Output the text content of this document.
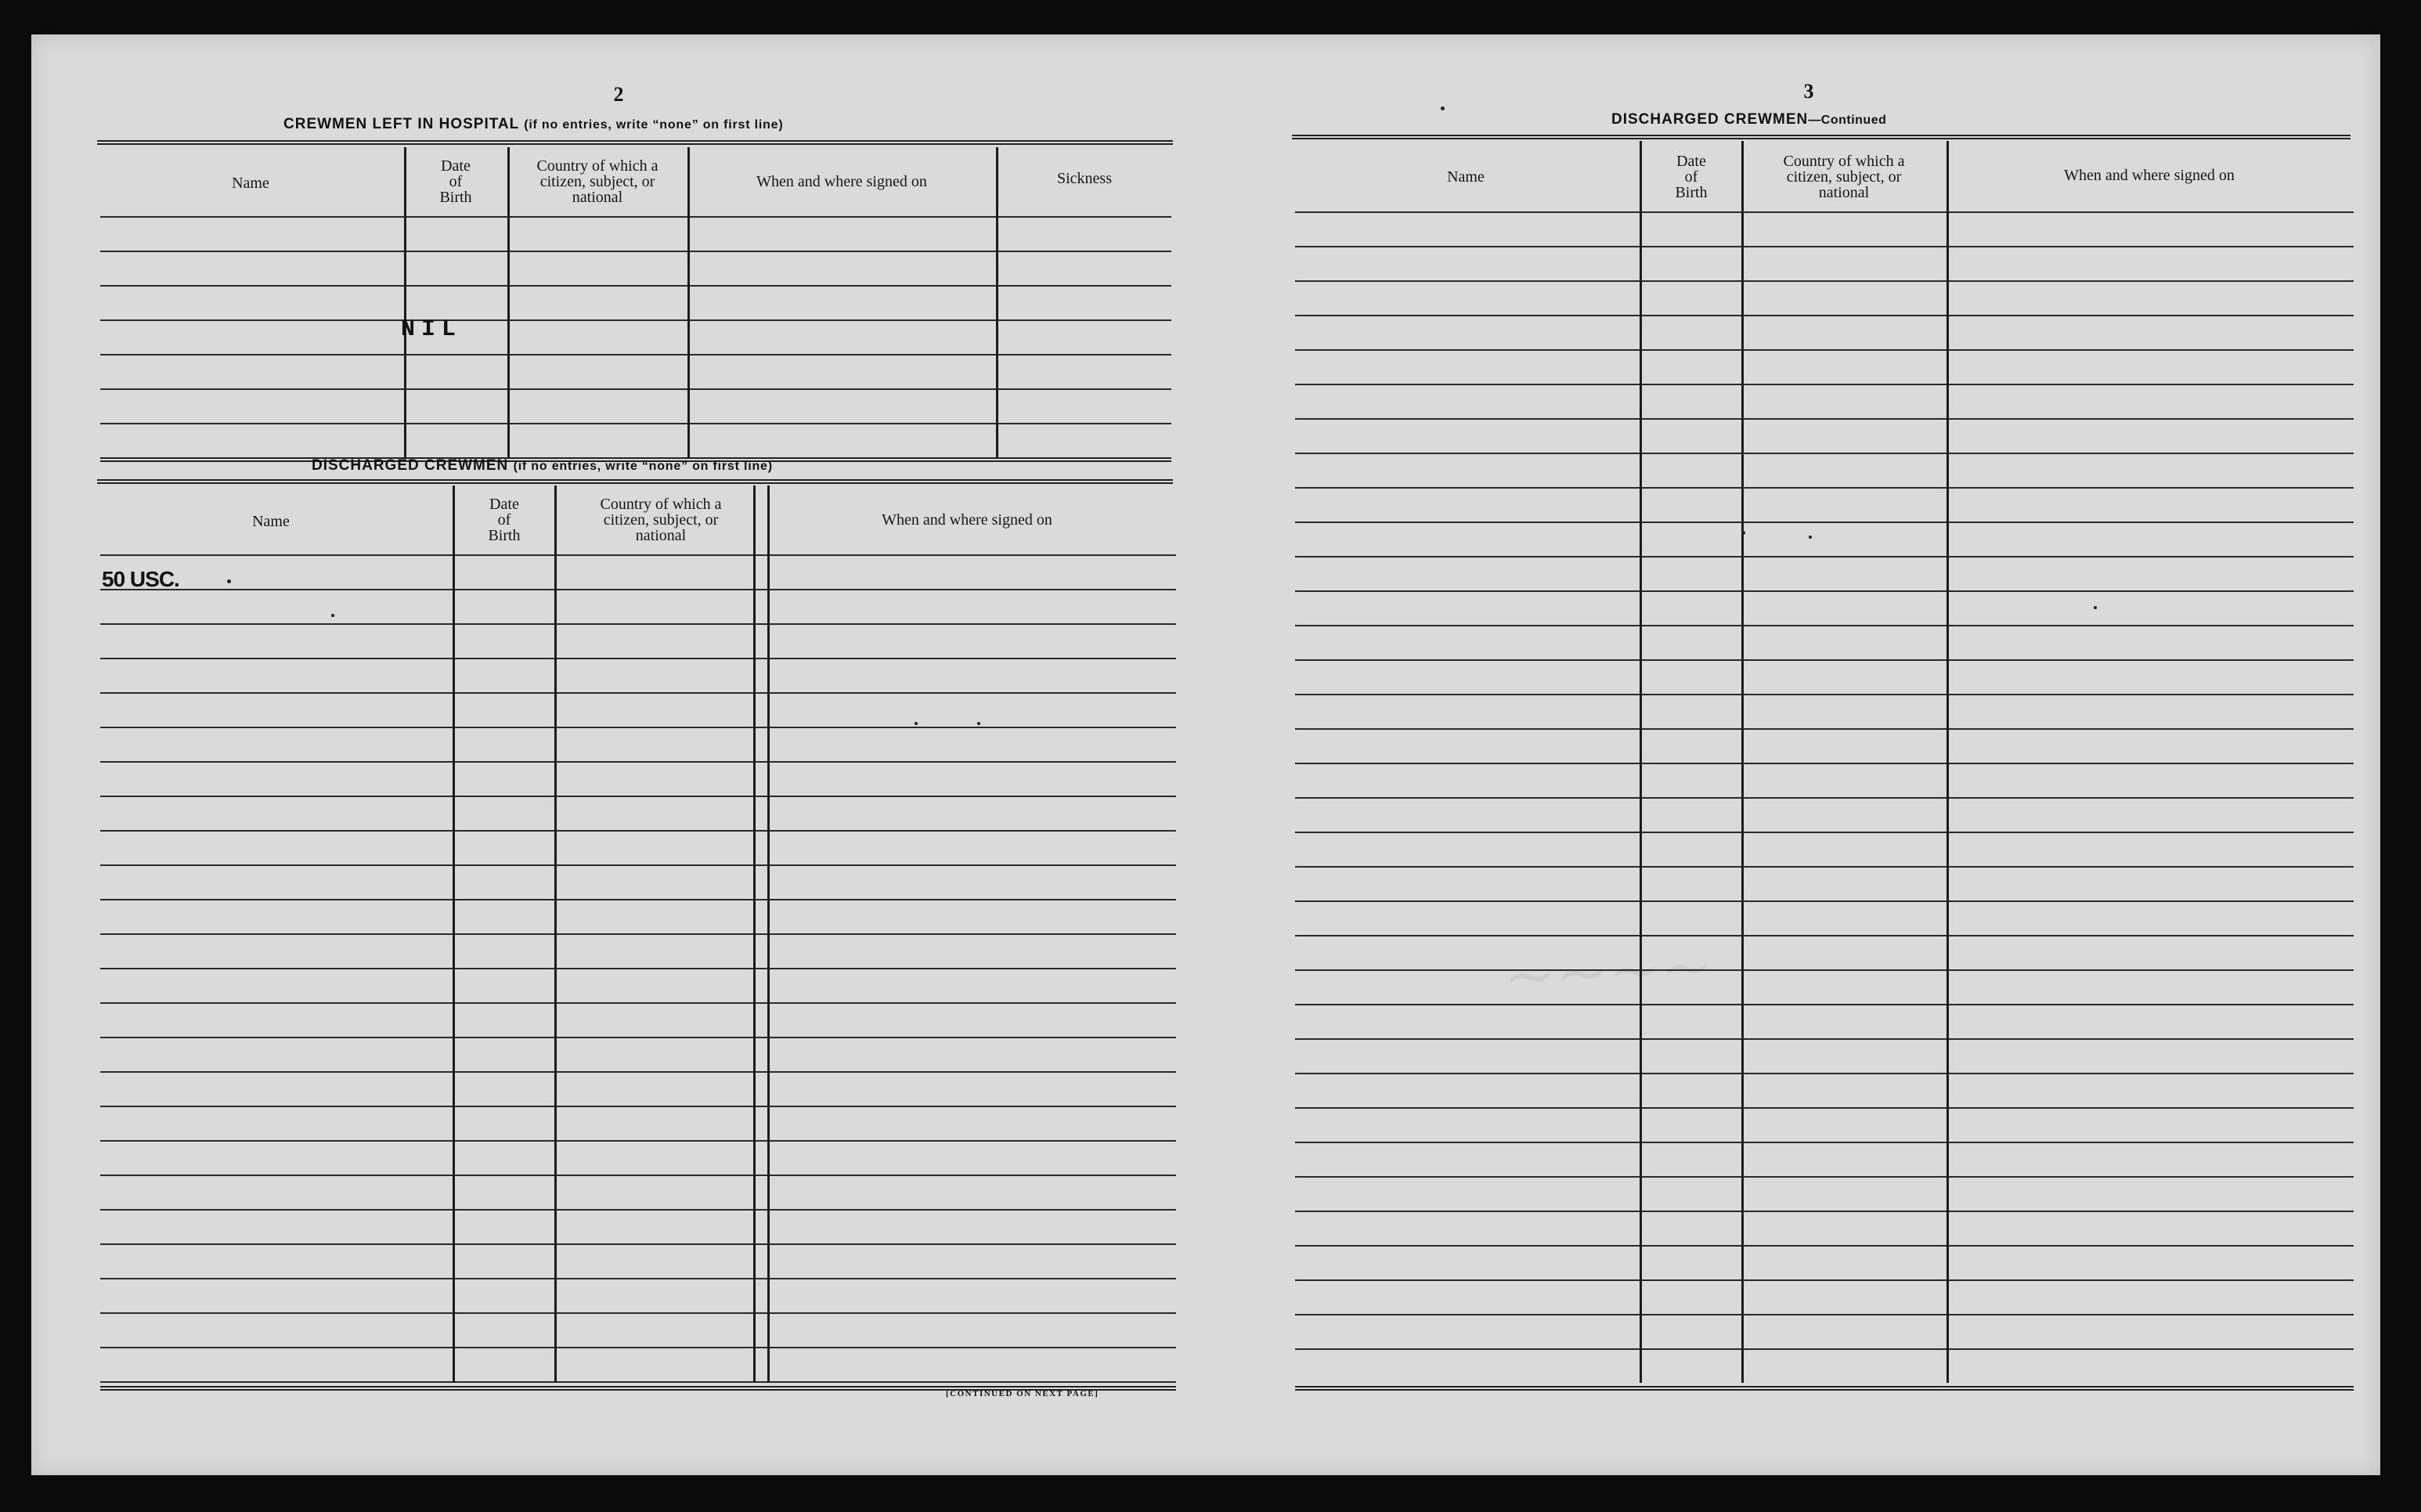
2
CREWMEN LEFT IN HOSPITAL (if no entries, write “none” on first line)
Name
Date
of
Birth
Country of which a
citizen, subject, or
national
When and where signed on	Sickness
NIL
DISCHARGED CREWMEN (if no entries, write “none” on first line)
Name
Date
of
Birth
Country of which a
citizen, subject, or
national
When and where signed on
50 USC.
[CONTINUED ON NEXT PAGE]
3
DISCHARGED CREWMEN—Continued
Name
Date
of
Birth
Country of which a
citizen, subject, or
national
When and where signed on
∼∼∼∼
